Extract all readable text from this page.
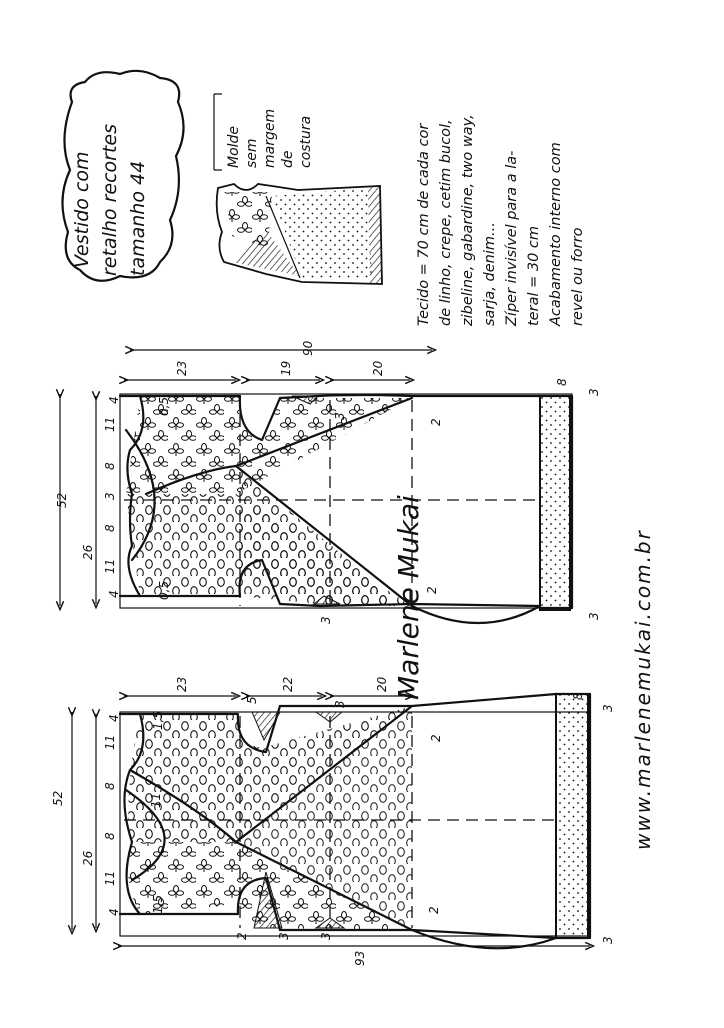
Vestido com retalho recortes tamanho 44
Molde sem margem de costura	Tecido = 70 cm de cada cor de linho, crepe, cetim bucol, zibeline, gabardine, two way, sarja, denim... Zíper invisível para a la- teral = 30 cm Acabamento interno com revel ou forro
90
52
26
23	19	20
11
8
3
8
11
4
4
0,5
0,5
8
3
3
2
2
3
3 Marlene Mukai
93
52
26
23	22	20
11
8
11
8
11
4
4
1,5
1,5
5
3
3 3
2
8
3
3
2
2
www.marlenemukai.com.br
